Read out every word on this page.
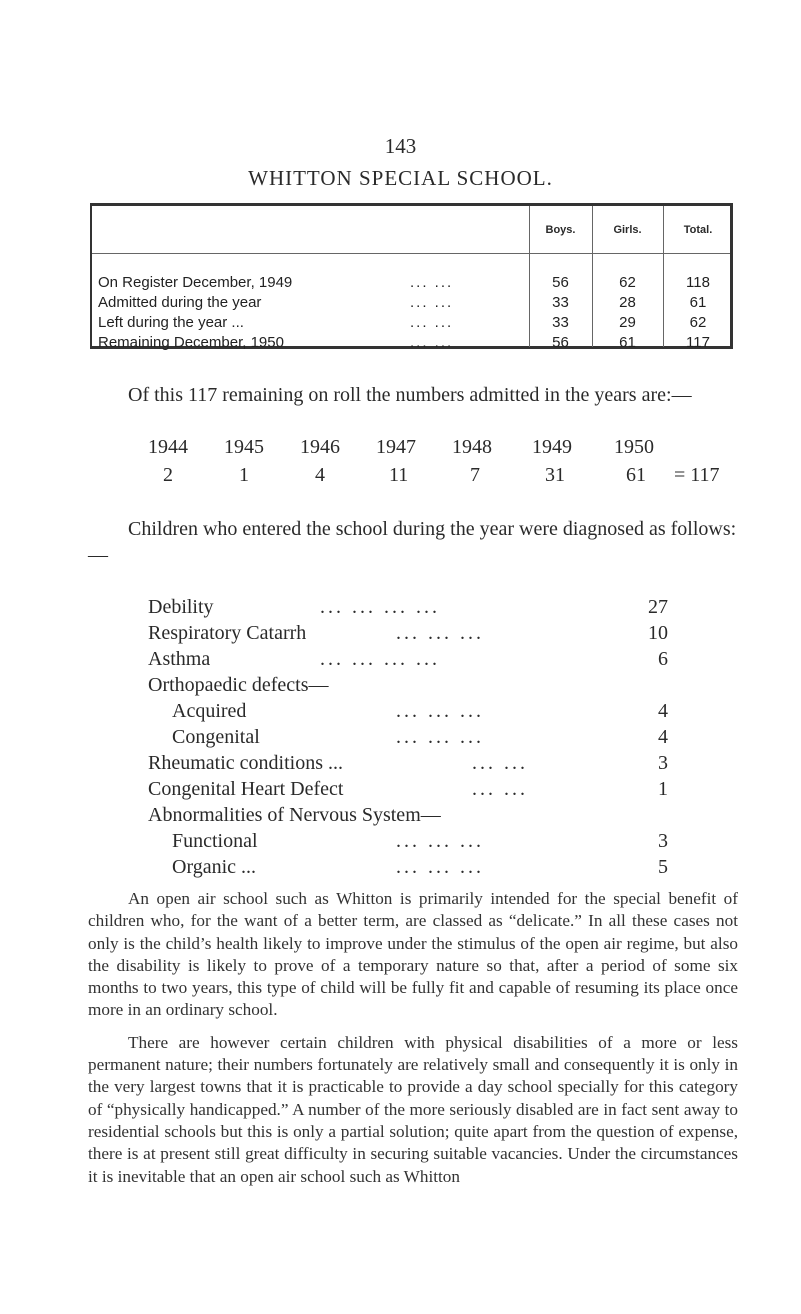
143
WHITTON SPECIAL SCHOOL.
Boys.	Girls.	Total.
On Register December, 1949	... ...	56	62	118
Admitted during the year	... ...	33	28	61
Left during the year ...	... ...	33	29	62
Remaining December, 1950	... ...	56	61	117
Of this 117 remaining on roll the numbers admitted in the years are:—
1944 1945 1946 1947 1948 1949 1950
2	1	4	11	7	31	61 = 117
Children who entered the school during the year were diagnosed as follows:—
Debility	... ... ... ...	27
Respiratory Catarrh	... ... ...	10
Asthma	... ... ... ...	6
Orthopaedic defects—
Acquired	... ... ...	4
Congenital	... ... ...	4
Rheumatic conditions ...	... ...	3
Congenital Heart Defect	... ...	1
Abnormalities of Nervous System—
Functional	... ... ...	3
Organic ...	... ... ...	5

An open air school such as Whitton is primarily intended for the special benefit of children who, for the want of a better term, are classed as “delicate.” In all these cases not only is the child’s health likely to improve under the stimulus of the open air regime, but also the disability is likely to prove of a temporary nature so that, after a period of some six months to two years, this type of child will be fully fit and capable of resuming its place once more in an ordinary school.

There are however certain children with physical disabilities of a more or less permanent nature; their numbers fortunately are relatively small and consequently it is only in the very largest towns that it is practicable to provide a day school specially for this category of “physically handicapped.” A number of the more seriously disabled are in fact sent away to residential schools but this is only a partial solution; quite apart from the question of expense, there is at present still great difficulty in securing suitable vacancies. Under the circumstances it is inevitable that an open air school such as Whitton
